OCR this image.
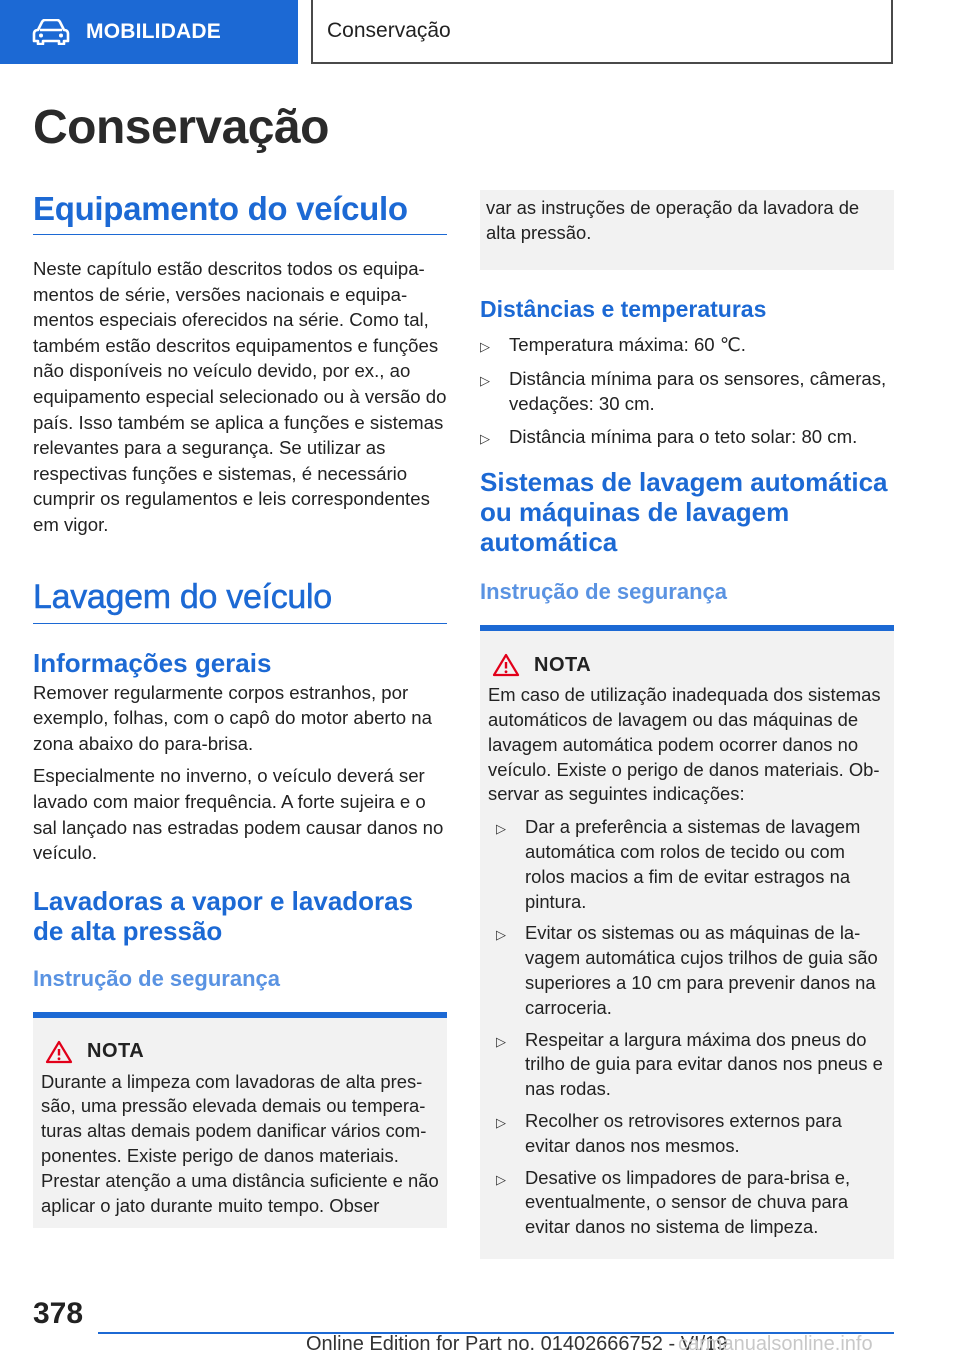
MOBILIDADE	Conservação
Conservação
Equipamento do veículo

Neste capítulo estão descritos todos os equipamentos de série, versões nacionais e equipamentos especiais oferecidos na série. Como tal, também estão descritos equipamentos e funções não disponíveis no veículo devido, por ex., ao equipamento especial selecionado ou à versão do país. Isso também se aplica a funções e sistemas relevantes para a segurança. Se utilizar as respectivas funções e sistemas, é necessário cumprir os regulamentos e leis correspondentes em vigor.

Lavagem do veículo
Informações gerais

Remover regularmente corpos estranhos, por exemplo, folhas, com o capô do motor aberto na zona abaixo do para-brisa.

Especialmente no inverno, o veículo deverá ser lavado com maior frequência. A forte sujeira e o sal lançado nas estradas podem causar danos no veículo.

Lavadoras a vapor e lavadoras de alta pressão
Instrução de segurança
NOTA

Durante a limpeza com lavadoras de alta pressão, uma pressão elevada demais ou temperaturas altas demais podem danificar vários componentes. Existe perigo de danos materiais. Prestar atenção a uma distância suficiente e não aplicar o jato durante muito tempo. Obser

var as instruções de operação da lavadora de alta pressão.

Distâncias e temperaturas
▷	Temperatura máxima: 60 ℃.
▷	Distância mínima para os sensores, câmeras, vedações: 30 cm.
▷	Distância mínima para o teto solar: 80 cm.
Sistemas de lavagem automática ou máquinas de lavagem automática
Instrução de segurança
NOTA

Em caso de utilização inadequada dos sistemas automáticos de lavagem ou das máquinas de lavagem automática podem ocorrer danos no veículo. Existe o perigo de danos materiais. Observar as seguintes indicações:

▷	Dar a preferência a sistemas de lavagem automática com rolos de tecido ou com rolos macios a fim de evitar estragos na pintura.
▷	Evitar os sistemas ou as máquinas de lavagem automática cujos trilhos de guia são superiores a 10 cm para prevenir danos na carroceria.
▷	Respeitar a largura máxima dos pneus do trilho de guia para evitar danos nos pneus e nas rodas.
▷	Recolher os retrovisores externos para evitar danos nos mesmos.
▷	Desative os limpadores de para-brisa e, eventualmente, o sensor de chuva para evitar danos no sistema de limpeza.
378
Online Edition for Part no. 01402666752 - VI/19
carmanualsonline.info
